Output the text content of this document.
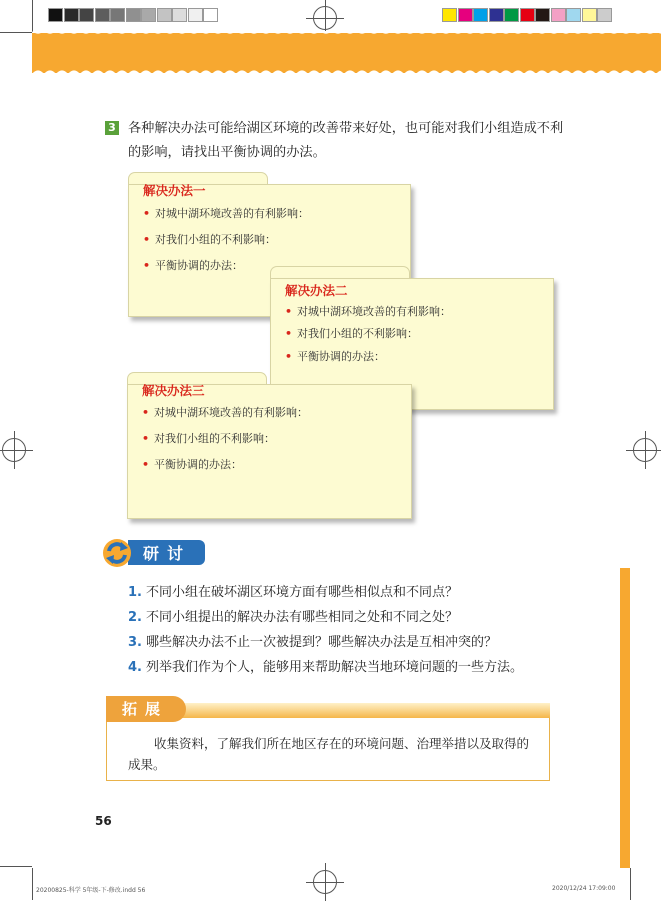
3 各种解决办法可能给湖区环境的改善带来好处，也可能对我们小组造成不利的影响，请找出平衡协调的办法。
解决办法一
• 对城中湖环境改善的有利影响：
• 对我们小组的不利影响：
• 平衡协调的办法：
解决办法二
• 对城中湖环境改善的有利影响：
• 对我们小组的不利影响：
• 平衡协调的办法：
解决办法三
• 对城中湖环境改善的有利影响：
• 对我们小组的不利影响：
• 平衡协调的办法：
研讨
1. 不同小组在破坏湖区环境方面有哪些相似点和不同点？
2. 不同小组提出的解决办法有哪些相同之处和不同之处？
3. 哪些解决办法不止一次被提到？哪些解决办法是互相冲突的？
4. 列举我们作为个人，能够用来帮助解决当地环境问题的一些方法。
拓展
收集资料，了解我们所在地区存在的环境问题、治理举措以及取得的成果。
56
20200825-科学 5年级-下-修改.indd 56	2020/12/24 17:09:00
